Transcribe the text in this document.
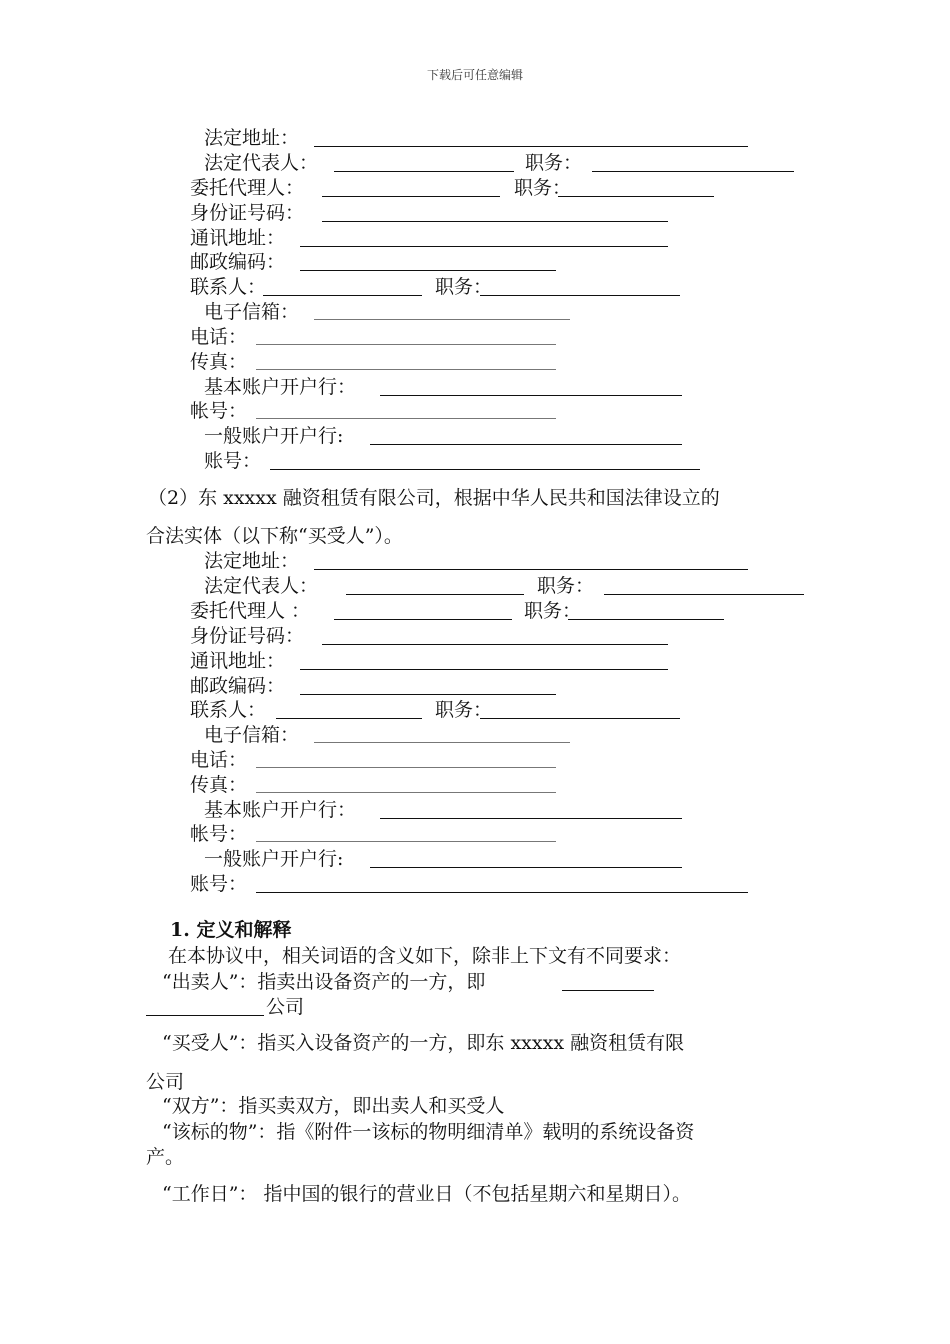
下载后可任意编辑
法定地址：
法定代表人：	职务：
委托代理人：	职务：
身份证号码：
通讯地址：
邮政编码：
联系人：	职务：
电子信箱：
电话：
传真：
基本账户开户行：
帐号：
一般账户开户行:
账号：
（2）东 xxxxx 融资租赁有限公司，根据中华人民共和国法律设立的
合法实体（以下称“买受人”）。
法定地址：
法定代表人：	职务：
委托代理人 ：	职务：
身份证号码：
通讯地址：
邮政编码：
联系人：	职务：
电子信箱：
电话：
传真：
基本账户开户行：
帐号：
一般账户开户行:
账号：
1. 定义和解释
在本协议中，相关词语的含义如下，除非上下文有不同要求：
“出卖人”：指卖出设备资产的一方，即
公司
“买受人”：指买入设备资产的一方，即东 xxxxx 融资租赁有限
公司
“双方”：指买卖双方，即出卖人和买受人
“该标的物”：指《附件一该标的物明细清单》载明的系统设备资
产。
“工作日”： 指中国的银行的营业日（不包括星期六和星期日）。
